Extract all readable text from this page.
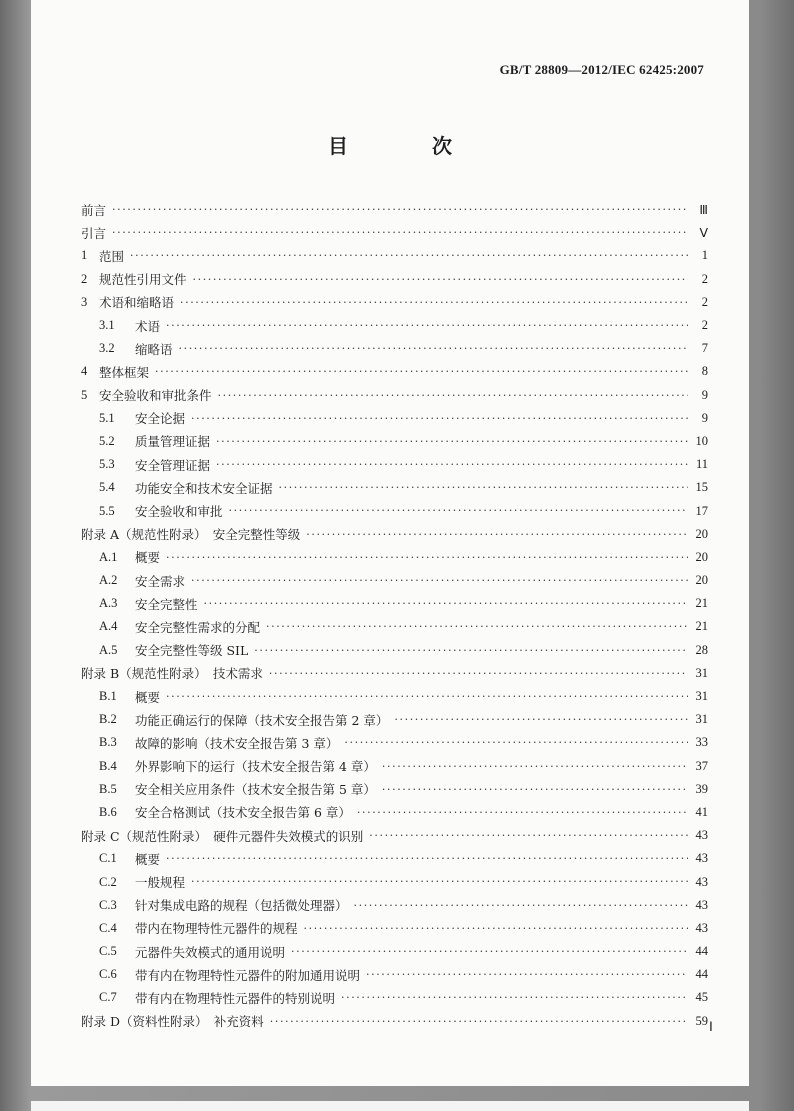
GB/T 28809—2012/IEC 62425:2007
目　次
前言 ·····	Ⅲ
引言 ·····	Ⅴ
1 范围 ·····	1
2 规范性引用文件 ·····	2
3 术语和缩略语 ·····	2
3.1	术语 ·····	2
3.2	缩略语 ·····	7
4 整体框架 ·····	8
5 安全验收和审批条件 ·····	9
5.1	安全论据 ·····	9
5.2	质量管理证据 ·····	10
5.3	安全管理证据 ·····	11
5.4	功能安全和技术安全证据 ·····	15
5.5	安全验收和审批 ·····	17
附录 A（规范性附录）　安全完整性等级 ·····	20
A.1	概要 ·····	20
A.2	安全需求 ·····	20
A.3	安全完整性 ·····	21
A.4	安全完整性需求的分配 ·····	21
A.5	安全完整性等级 SIL ·····	28
附录 B（规范性附录）　技术需求 ·····	31
B.1	概要 ·····	31
B.2	功能正确运行的保障（技术安全报告第 2 章） ·····	31
B.3	故障的影响（技术安全报告第 3 章） ·····	33
B.4	外界影响下的运行（技术安全报告第 4 章） ·····	37
B.5	安全相关应用条件（技术安全报告第 5 章） ·····	39
B.6	安全合格测试（技术安全报告第 6 章） ·····	41
附录 C（规范性附录）　硬件元器件失效模式的识别 ·····	43
C.1	概要 ·····	43
C.2	一般规程 ·····	43
C.3	针对集成电路的规程（包括微处理器） ·····	43
C.4	带内在物理特性元器件的规程 ·····	43
C.5	元器件失效模式的通用说明 ·····	44
C.6	带有内在物理特性元器件的附加通用说明 ·····	44
C.7	带有内在物理特性元器件的特别说明 ·····	45
附录 D（资料性附录）　补充资料 ·····	59 Ⅰ
